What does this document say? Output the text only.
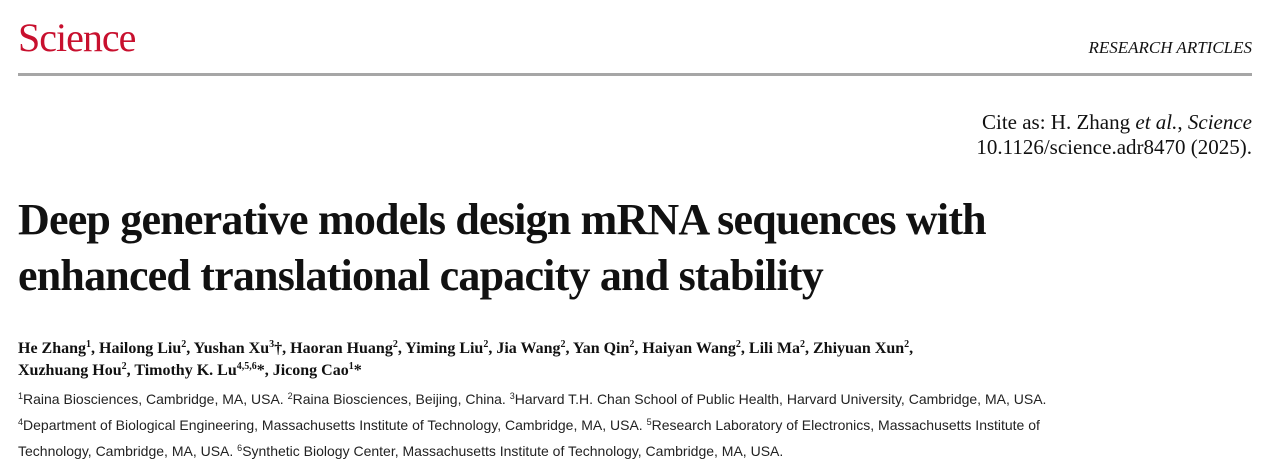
Science	RESEARCH ARTICLES
Cite as: H. Zhang et al., Science
10.1126/science.adr8470 (2025).
Deep generative models design mRNA sequences with
enhanced translational capacity and stability
He Zhang$^1$, Hailong Liu$^2$, Yushan Xu$^3$†, Haoran Huang$^2$, Yiming Liu$^2$, Jia Wang$^2$, Yan Qin$^2$, Haiyan Wang$^2$, Lili Ma$^2$, Zhiyuan Xun$^2$,
Xuzhuang Hou$^2$, Timothy K. Lu$^{4,5,6}$*, Jicong Cao$^1$*
$^1$Raina Biosciences, Cambridge, MA, USA. $^2$Raina Biosciences, Beijing, China. $^3$Harvard T.H. Chan School of Public Health, Harvard University, Cambridge, MA, USA.
$^4$Department of Biological Engineering, Massachusetts Institute of Technology, Cambridge, MA, USA. $^5$Research Laboratory of Electronics, Massachusetts Institute of
Technology, Cambridge, MA, USA. $^6$Synthetic Biology Center, Massachusetts Institute of Technology, Cambridge, MA, USA.
